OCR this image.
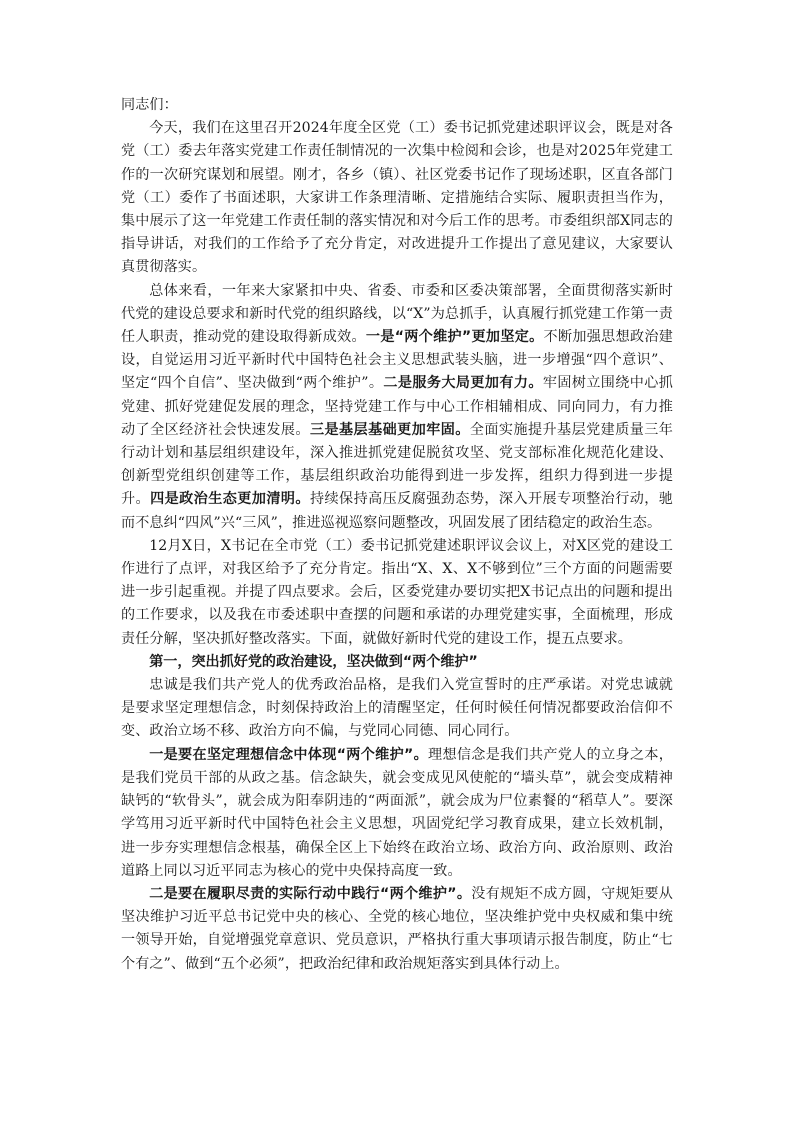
同志们：

今天，我们在这里召开2024年度全区党（工）委书记抓党建述职评议会，既是对各党（工）委去年落实党建工作责任制情况的一次集中检阅和会诊，也是对2025年党建工作的一次研究谋划和展望。刚才，各乡（镇）、社区党委书记作了现场述职，区直各部门党（工）委作了书面述职，大家讲工作条理清晰、定措施结合实际、履职责担当作为，集中展示了这一年党建工作责任制的落实情况和对今后工作的思考。市委组织部X同志的指导讲话，对我们的工作给予了充分肯定，对改进提升工作提出了意见建议，大家要认真贯彻落实。

总体来看，一年来大家紧扣中央、省委、市委和区委决策部署，全面贯彻落实新时代党的建设总要求和新时代党的组织路线，以“X”为总抓手，认真履行抓党建工作第一责任人职责，推动党的建设取得新成效。一是“两个维护”更加坚定。不断加强思想政治建设，自觉运用习近平新时代中国特色社会主义思想武装头脑，进一步增强“四个意识”、坚定“四个自信”、坚决做到“两个维护”。二是服务大局更加有力。牢固树立围绕中心抓党建、抓好党建促发展的理念，坚持党建工作与中心工作相辅相成、同向同力，有力推动了全区经济社会快速发展。三是基层基础更加牢固。全面实施提升基层党建质量三年行动计划和基层组织建设年，深入推进抓党建促脱贫攻坚、党支部标准化规范化建设、创新型党组织创建等工作，基层组织政治功能得到进一步发挥，组织力得到进一步提升。四是政治生态更加清明。持续保持高压反腐强劲态势，深入开展专项整治行动，驰而不息纠“四风”兴“三风”，推进巡视巡察问题整改，巩固发展了团结稳定的政治生态。

12月X日，X书记在全市党（工）委书记抓党建述职评议会议上，对X区党的建设工作进行了点评，对我区给予了充分肯定。指出“X、X、X不够到位”三个方面的问题需要进一步引起重视。并提了四点要求。会后，区委党建办要切实把X书记点出的问题和提出的工作要求，以及我在市委述职中查摆的问题和承诺的办理党建实事，全面梳理，形成责任分解，坚决抓好整改落实。下面，就做好新时代党的建设工作，提五点要求。

第一，突出抓好党的政治建设，坚决做到“两个维护”

忠诚是我们共产党人的优秀政治品格，是我们入党宣誓时的庄严承诺。对党忠诚就是要求坚定理想信念，时刻保持政治上的清醒坚定，任何时候任何情况都要政治信仰不变、政治立场不移、政治方向不偏，与党同心同德、同心同行。

一是要在坚定理想信念中体现“两个维护”。理想信念是我们共产党人的立身之本，是我们党员干部的从政之基。信念缺失，就会变成见风使舵的“墙头草”，就会变成精神缺钙的“软骨头”，就会成为阳奉阴违的“两面派”，就会成为尸位素餐的“稻草人”。要深学笃用习近平新时代中国特色社会主义思想，巩固党纪学习教育成果，建立长效机制，进一步夯实理想信念根基，确保全区上下始终在政治立场、政治方向、政治原则、政治道路上同以习近平同志为核心的党中央保持高度一致。

二是要在履职尽责的实际行动中践行“两个维护”。没有规矩不成方圆，守规矩要从坚决维护习近平总书记党中央的核心、全党的核心地位，坚决维护党中央权威和集中统一领导开始，自觉增强党章意识、党员意识，严格执行重大事项请示报告制度，防止“七个有之”、做到“五个必须”，把政治纪律和政治规矩落实到具体行动上。
